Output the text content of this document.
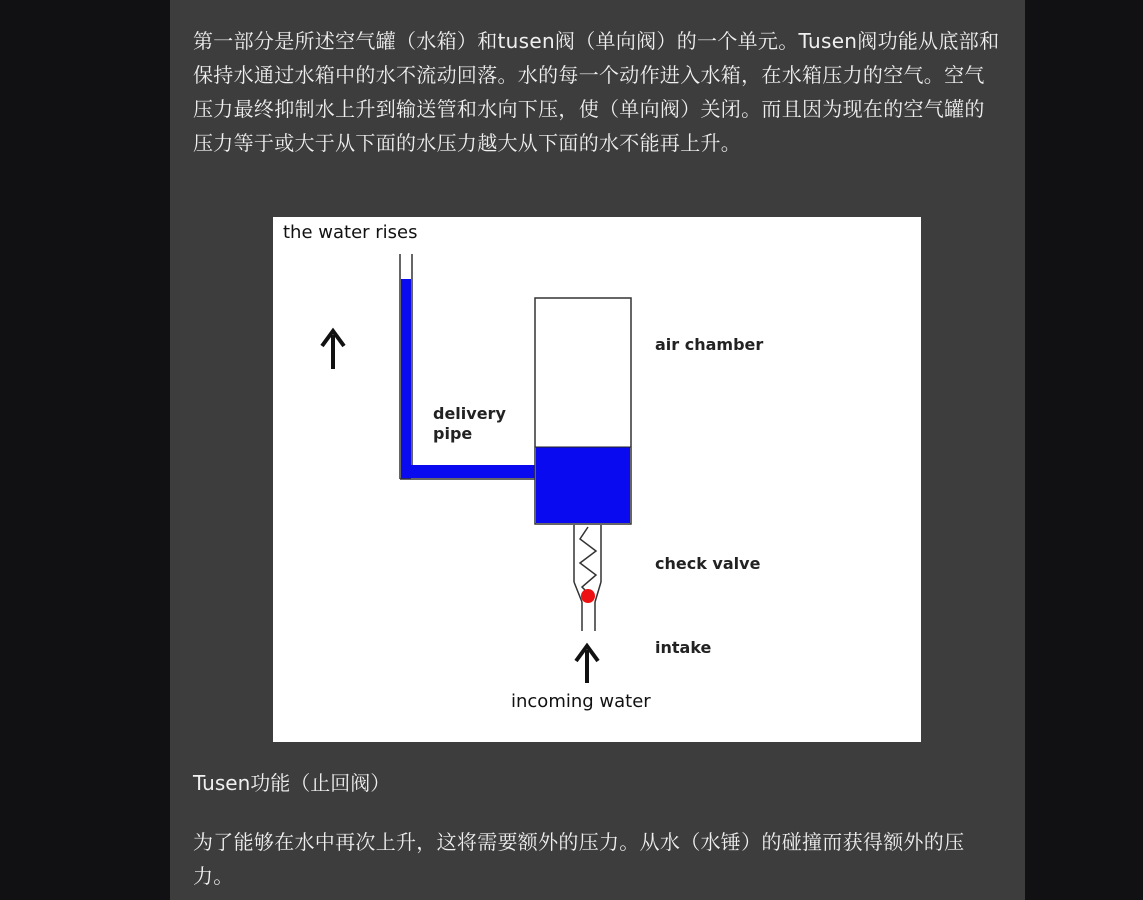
第一部分是所述空气罐（水箱）和tusen阀（单向阀）的一个单元。Tusen阀功能从底部和保持水通过水箱中的水不流动回落。水的每一个动作进入水箱，在水箱压力的空气。空气压力最终抑制水上升到输送管和水向下压，使（单向阀）关闭。而且因为现在的空气罐的压力等于或大于从下面的水压力越大从下面的水不能再上升。

the water rises
air chamber
delivery
pipe
check valve
intake
incoming water

Tusen功能（止回阀）

为了能够在水中再次上升，这将需要额外的压力。从水（水锤）的碰撞而获得额外的压力。
